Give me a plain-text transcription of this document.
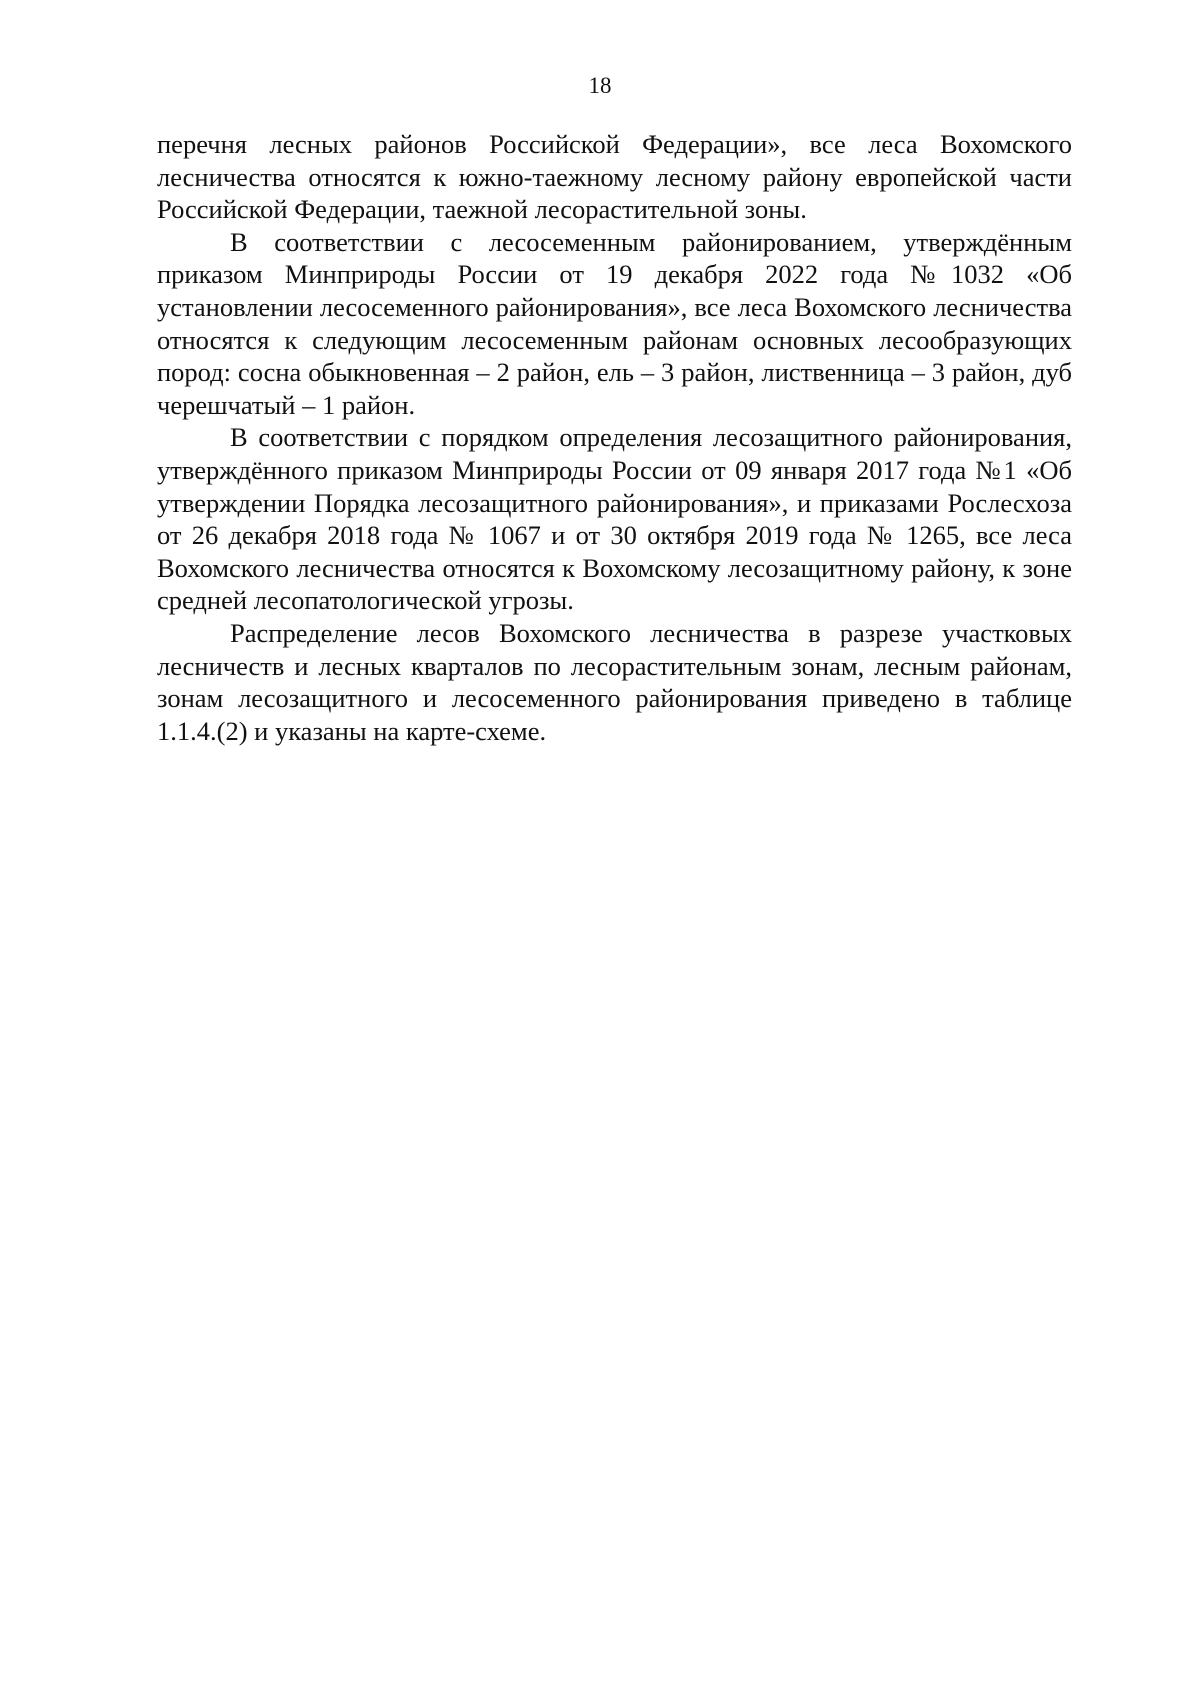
18

перечня лесных районов Российской Федерации», все леса Вохомского лесничества относятся к южно-таежному лесному району европейской части Российской Федерации, таежной лесорастительной зоны.

В соответствии с лесосеменным районированием, утверждённым приказом Минприроды России от 19 декабря 2022 года №1032 «Об установлении лесосеменного районирования», все леса Вохомского лесничества относятся к следующим лесосеменным районам основных лесообразующих пород: сосна обыкновенная – 2 район, ель – 3 район, лиственница – 3 район, дуб черешчатый – 1 район.

В соответствии с порядком определения лесозащитного районирования, утверждённого приказом Минприроды России от 09 января 2017 года №1 «Об утверждении Порядка лесозащитного районирования», и приказами Рослесхоза от 26 декабря 2018 года № 1067 и от 30 октября 2019 года № 1265, все леса Вохомского лесничества относятся к Вохомскому лесозащитному району, к зоне средней лесопатологической угрозы.

Распределение лесов Вохомского лесничества в разрезе участковых лесничеств и лесных кварталов по лесорастительным зонам, лесным районам, зонам лесозащитного и лесосеменного районирования приведено в таблице 1.1.4.(2) и указаны на карте-схеме.
